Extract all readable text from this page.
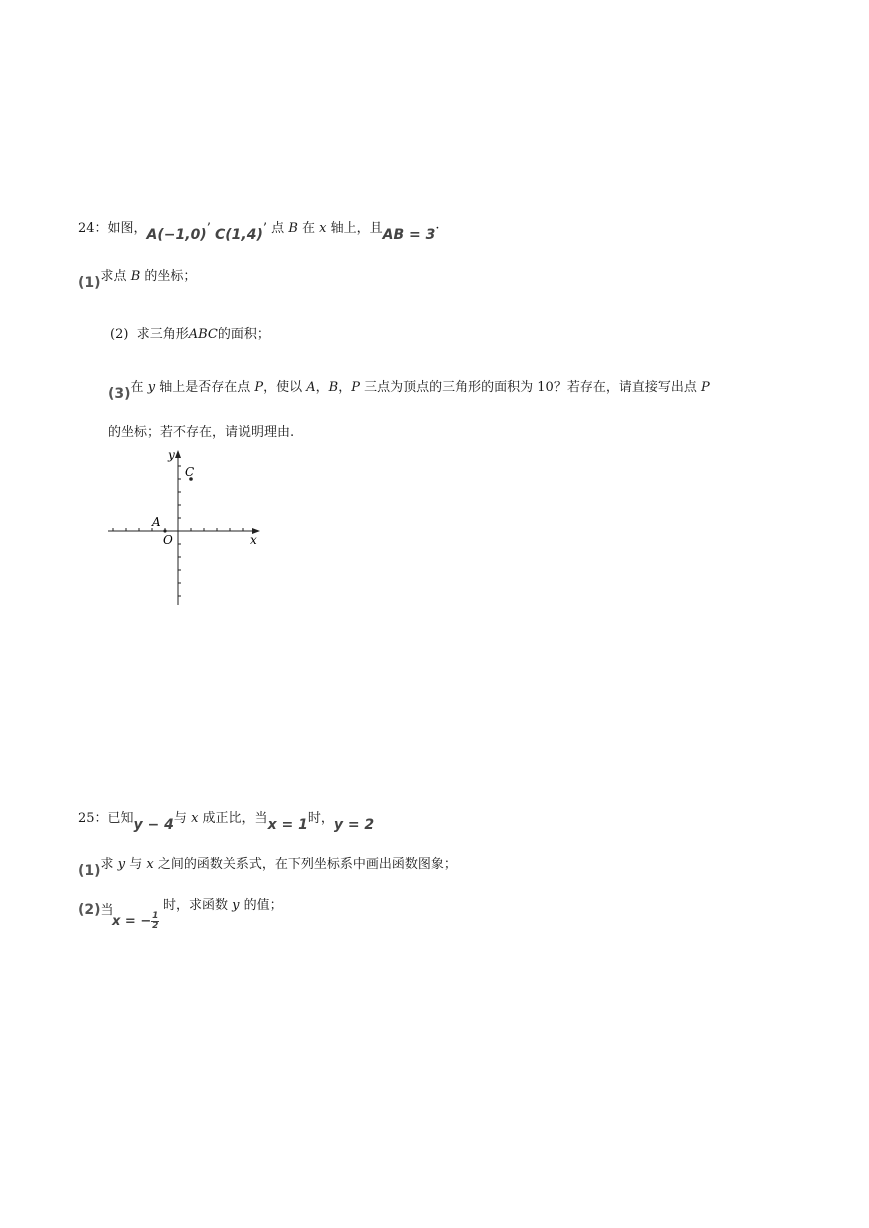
24：如图，A(−1,0)’ C(1,4)’ 点 B 在 x 轴上，且AB = 3·
(1)求点 B 的坐标；
(2) 求三角形ABC的面积；
(3)在 y 轴上是否存在点 P，使以 A，B，P 三点为顶点的三角形的面积为 10？若存在，请直接写出点 P
的坐标；若不存在，请说明理由.
y
x
O
A
C
25：已知y − 4与 x 成正比，当x = 1时，y = 2
(1)求 y 与 x 之间的函数关系式，在下列坐标系中画出函数图象；
(2)当
x = − $\frac{1}{2}$
时，求函数 y 的值；
